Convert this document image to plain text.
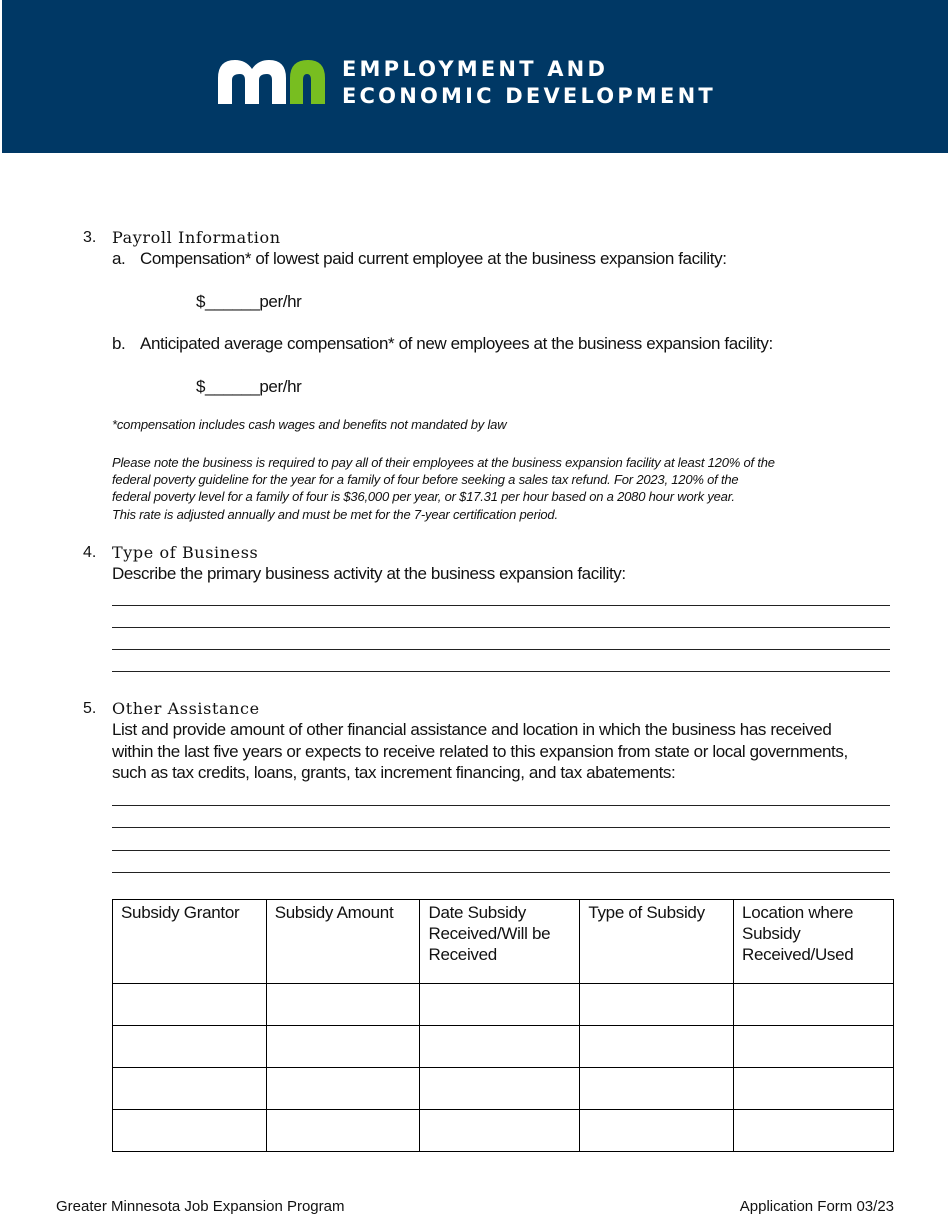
EMPLOYMENT AND
ECONOMIC DEVELOPMENT
3. Payroll Information
a. Compensation* of lowest paid current employee at the business expansion facility:
$______per/hr
b. Anticipated average compensation* of new employees at the business expansion facility:
$______per/hr
*compensation includes cash wages and benefits not mandated by law
Please note the business is required to pay all of their employees at the business expansion facility at least 120% of the
federal poverty guideline for the year for a family of four before seeking a sales tax refund. For 2023, 120% of the
federal poverty level for a family of four is $36,000 per year, or $17.31 per hour based on a 2080 hour work year.
This rate is adjusted annually and must be met for the 7-year certification period.
4. Type of Business
Describe the primary business activity at the business expansion facility:
5. Other Assistance
List and provide amount of other financial assistance and location in which the business has received
within the last five years or expects to receive related to this expansion from state or local governments,
such as tax credits, loans, grants, tax increment financing, and tax abatements:
Subsidy Grantor	Subsidy Amount	Date Subsidy Received/Will be Received	Type of Subsidy	Location where Subsidy Received/Used

Greater Minnesota Job Expansion Program	Application Form 03/23
